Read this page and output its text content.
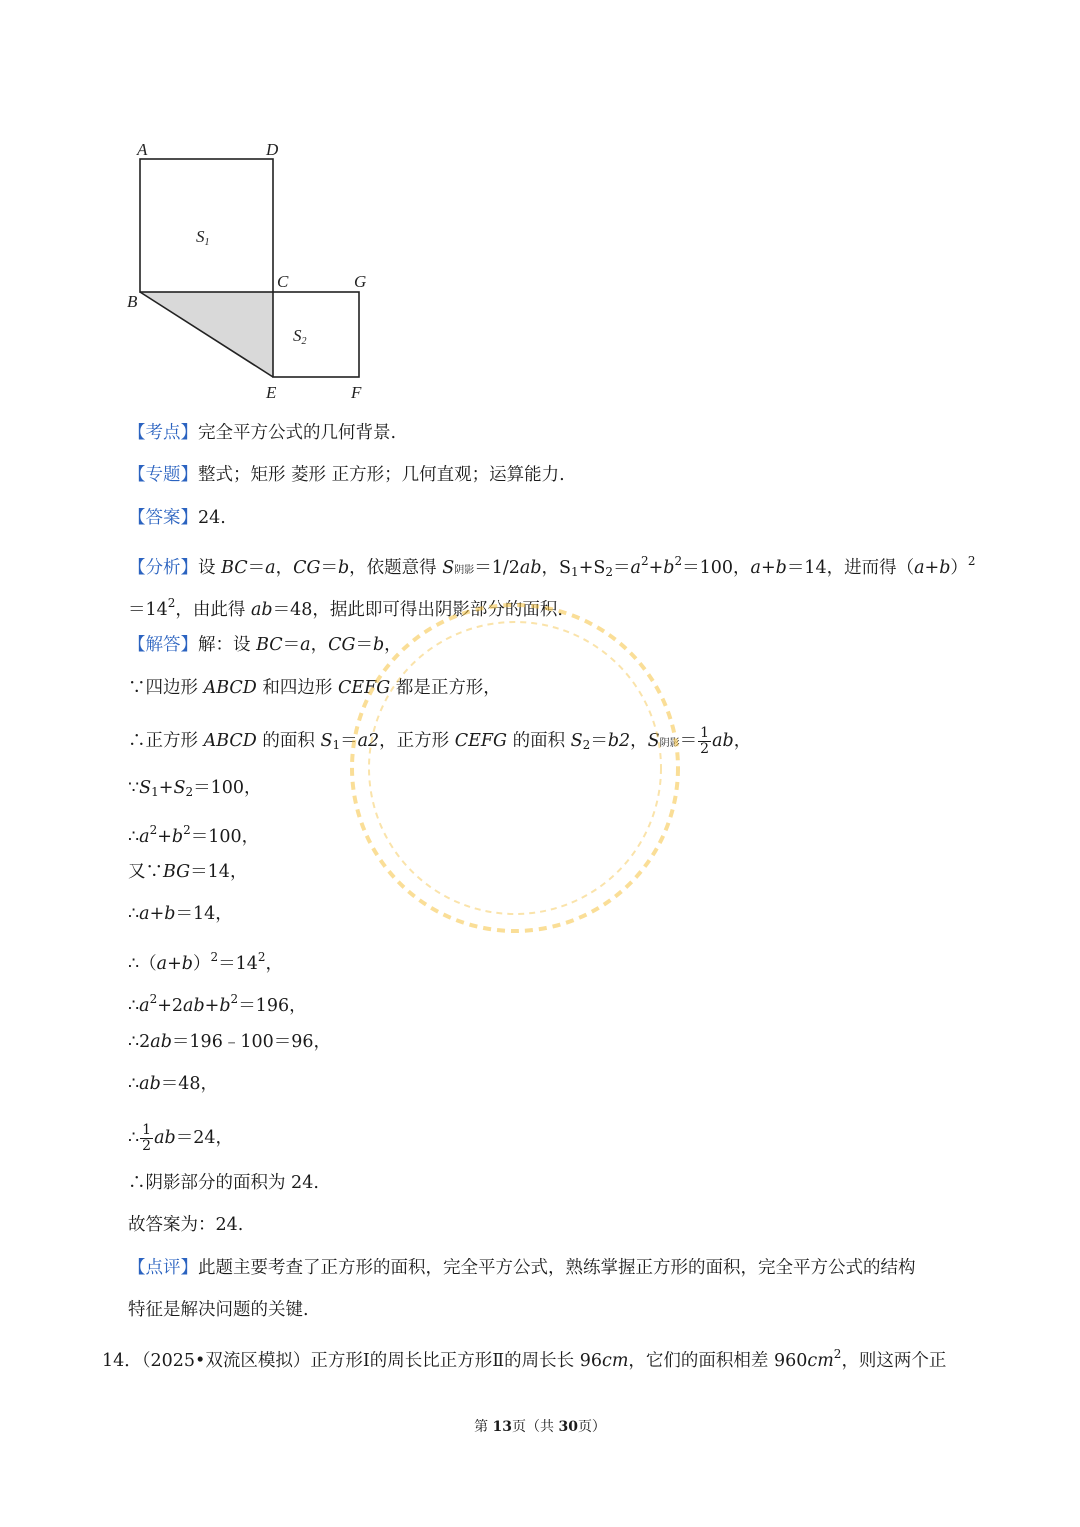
A	D
B
C	G
E	F
S1
S2
【考点】完全平方公式的几何背景.
【专题】整式；矩形 菱形 正方形；几何直观；运算能力.
【答案】24.
【分析】设 BC＝a，CG＝b，依题意得 S阴影＝1/2ab，$S_1+S_2=a^2+b^2=100$，a+b＝14，进而得$(a+b)^2$
$=14^2$，由此得 ab＝48，据此即可得出阴影部分的面积.
【解答】解：设 BC＝a，CG＝b，
∵四边形 ABCD 和四边形 CEFG 都是正方形，
∴正方形 ABCD 的面积 $S_1=a2$，正方形 CEFG 的面积 $S_2=b2$，S阴影＝ $\frac{1}{2}$ ab，
$\because S_1+S_2=100$，
$\therefore a^2+b^2=100$，
又∵BG＝14，
∴a+b＝14，
$\therefore(a+b)^2=14^2$，
$\therefore a^2+2ab+b^2=196$，
∴2ab＝196﹣100＝96，
∴ab＝48，
∴ $\frac{1}{2} ab=24$，
∴阴影部分的面积为 24.
故答案为：24.
【点评】此题主要考查了正方形的面积，完全平方公式，熟练掌握正方形的面积，完全平方公式的结构
特征是解决问题的关键.
14．（2025•双流区模拟）正方形Ⅰ的周长比正方形Ⅱ的周长长 96cm，它们的面积相差 $960cm^2$，则这两个正
第 13页（共 30页）
